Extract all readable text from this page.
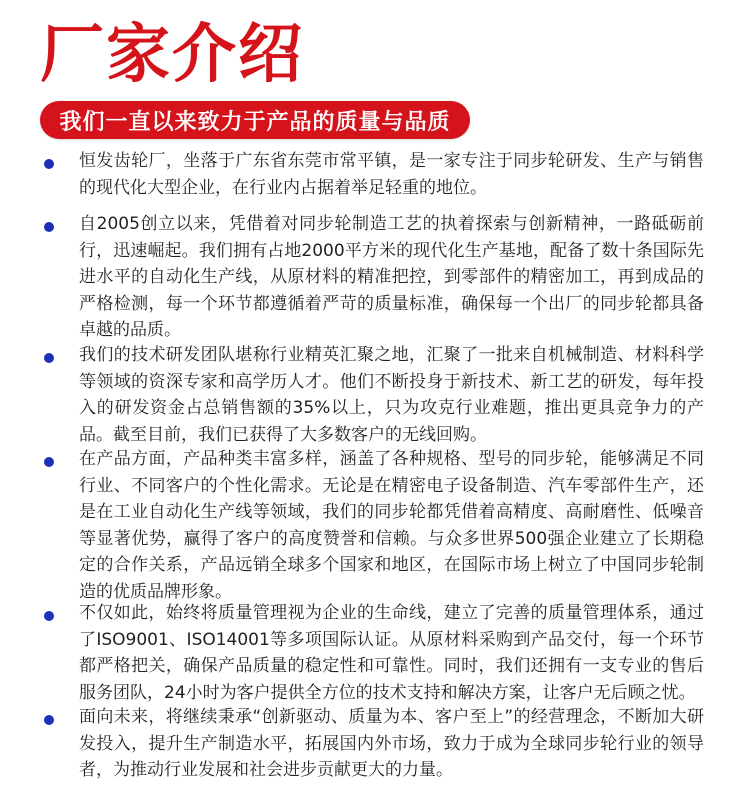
厂家介绍
我们一直以来致力于产品的质量与品质
恒发齿轮厂，坐落于广东省东莞市常平镇，是一家专注于同步轮研发、生产与销售的现代化大型企业，在行业内占据着举足轻重的地位。
自2005创立以来，凭借着对同步轮制造工艺的执着探索与创新精神，一路砥砺前行，迅速崛起。我们拥有占地2000平方米的现代化生产基地，配备了数十条国际先进水平的自动化生产线，从原材料的精准把控，到零部件的精密加工，再到成品的严格检测，每一个环节都遵循着严苛的质量标准，确保每一个出厂的同步轮都具备卓越的品质。
我们的技术研发团队堪称行业精英汇聚之地，汇聚了一批来自机械制造、材料科学等领域的资深专家和高学历人才。他们不断投身于新技术、新工艺的研发，每年投入的研发资金占总销售额的35%以上，只为攻克行业难题，推出更具竞争力的产品。截至目前，我们已获得了大多数客户的无线回购。
在产品方面，产品种类丰富多样，涵盖了各种规格、型号的同步轮，能够满足不同行业、不同客户的个性化需求。无论是在精密电子设备制造、汽车零部件生产，还是在工业自动化生产线等领域，我们的同步轮都凭借着高精度、高耐磨性、低噪音等显著优势，赢得了客户的高度赞誉和信赖。与众多世界500强企业建立了长期稳定的合作关系，产品远销全球多个国家和地区，在国际市场上树立了中国同步轮制造的优质品牌形象。
不仅如此，始终将质量管理视为企业的生命线，建立了完善的质量管理体系，通过了ISO9001、ISO14001等多项国际认证。从原材料采购到产品交付，每一个环节都严格把关，确保产品质量的稳定性和可靠性。同时，我们还拥有一支专业的售后服务团队，24小时为客户提供全方位的技术支持和解决方案，让客户无后顾之忧。
面向未来，将继续秉承“创新驱动、质量为本、客户至上”的经营理念，不断加大研发投入，提升生产制造水平，拓展国内外市场，致力于成为全球同步轮行业的领导者，为推动行业发展和社会进步贡献更大的力量。
